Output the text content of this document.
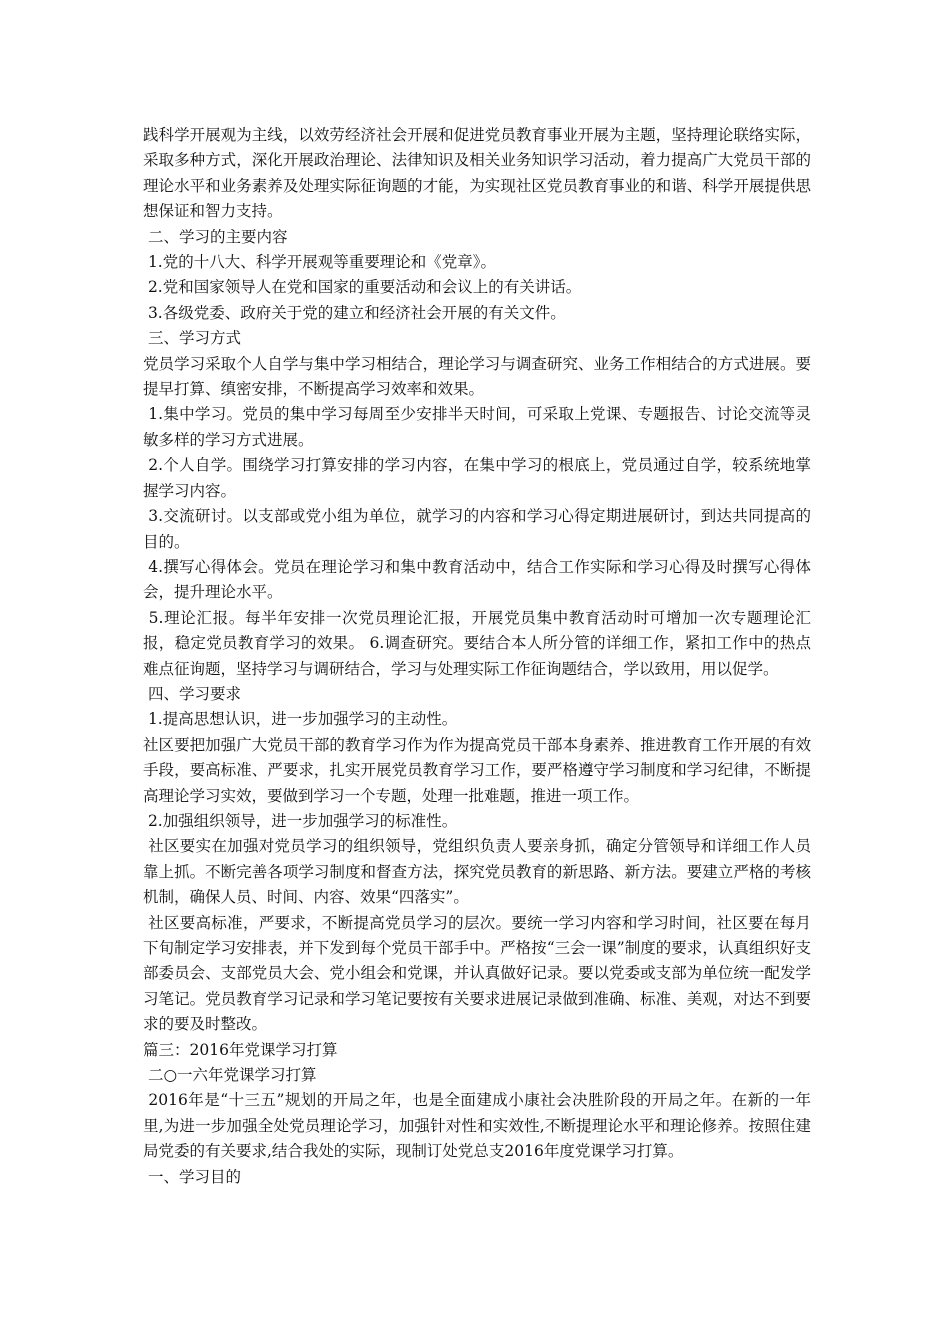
践科学开展观为主线，以效劳经济社会开展和促进党员教育事业开展为主题，坚持理论联络实际，采取多种方式，深化开展政治理论、法律知识及相关业务知识学习活动，着力提高广大党员干部的理论水平和业务素养及处理实际征询题的才能，为实现社区党员教育事业的和谐、科学开展提供思想保证和智力支持。

二、学习的主要内容

1.党的十八大、科学开展观等重要理论和《党章》。

2.党和国家领导人在党和国家的重要活动和会议上的有关讲话。

3.各级党委、政府关于党的建立和经济社会开展的有关文件。

三、学习方式

党员学习采取个人自学与集中学习相结合，理论学习与调查研究、业务工作相结合的方式进展。要提早打算、缜密安排，不断提高学习效率和效果。

1.集中学习。党员的集中学习每周至少安排半天时间，可采取上党课、专题报告、讨论交流等灵敏多样的学习方式进展。

2.个人自学。围绕学习打算安排的学习内容，在集中学习的根底上，党员通过自学，较系统地掌握学习内容。

3.交流研讨。以支部或党小组为单位，就学习的内容和学习心得定期进展研讨，到达共同提高的目的。

4.撰写心得体会。党员在理论学习和集中教育活动中，结合工作实际和学习心得及时撰写心得体会，提升理论水平。

5.理论汇报。每半年安排一次党员理论汇报，开展党员集中教育活动时可增加一次专题理论汇报，稳定党员教育学习的效果。 6.调查研究。要结合本人所分管的详细工作，紧扣工作中的热点难点征询题，坚持学习与调研结合，学习与处理实际工作征询题结合，学以致用，用以促学。

四、学习要求

1.提高思想认识，进一步加强学习的主动性。

社区要把加强广大党员干部的教育学习作为作为提高党员干部本身素养、推进教育工作开展的有效手段，要高标准、严要求，扎实开展党员教育学习工作，要严格遵守学习制度和学习纪律，不断提高理论学习实效，要做到学习一个专题，处理一批难题，推进一项工作。

2.加强组织领导，进一步加强学习的标准性。

社区要实在加强对党员学习的组织领导，党组织负责人要亲身抓，确定分管领导和详细工作人员靠上抓。不断完善各项学习制度和督查方法，探究党员教育的新思路、新方法。要建立严格的考核机制，确保人员、时间、内容、效果“四落实”。

社区要高标准，严要求，不断提高党员学习的层次。要统一学习内容和学习时间，社区要在每月下旬制定学习安排表，并下发到每个党员干部手中。严格按“三会一课”制度的要求，认真组织好支部委员会、支部党员大会、党小组会和党课，并认真做好记录。要以党委或支部为单位统一配发学习笔记。党员教育学习记录和学习笔记要按有关要求进展记录做到准确、标准、美观，对达不到要求的要及时整改。

篇三：2016年党课学习打算

二○一六年党课学习打算

2016年是“十三五”规划的开局之年，也是全面建成小康社会决胜阶段的开局之年。在新的一年里,为进一步加强全处党员理论学习，加强针对性和实效性,不断提理论水平和理论修养。按照住建局党委的有关要求,结合我处的实际，现制订处党总支2016年度党课学习打算。

一、学习目的
